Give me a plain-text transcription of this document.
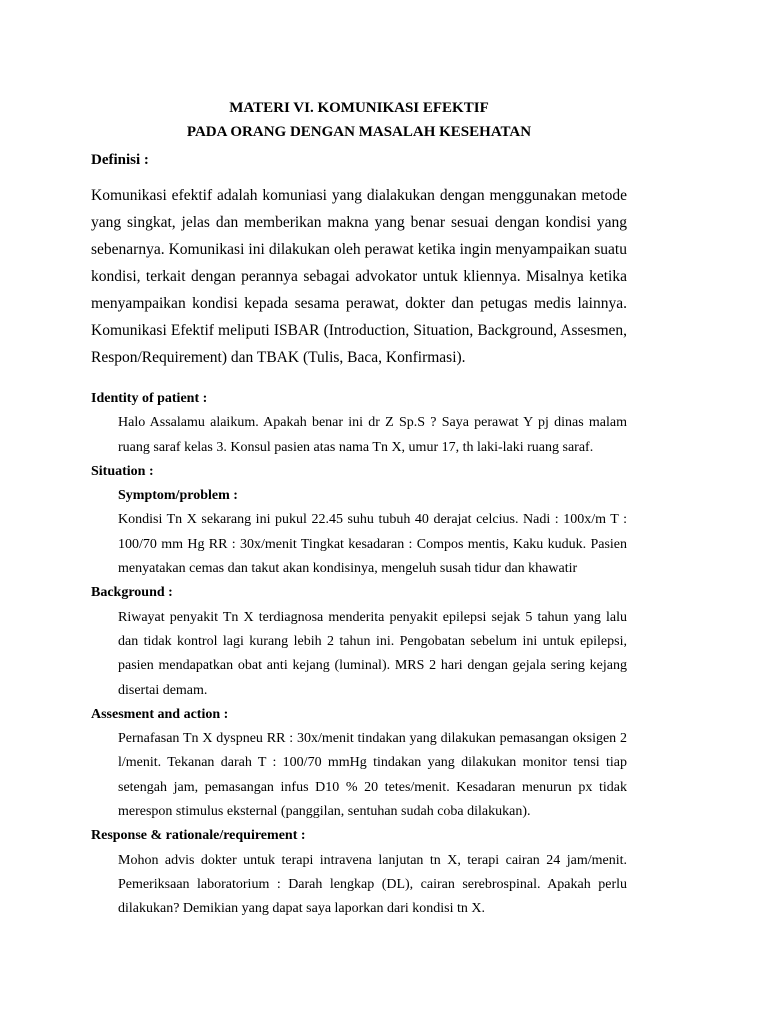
MATERI VI. KOMUNIKASI EFEKTIF
PADA ORANG DENGAN MASALAH KESEHATAN

Definisi :

Komunikasi efektif adalah komuniasi yang dialakukan dengan menggunakan metode yang singkat, jelas dan memberikan makna yang benar sesuai dengan kondisi yang sebenarnya. Komunikasi ini dilakukan oleh perawat ketika ingin menyampaikan suatu kondisi, terkait dengan perannya sebagai advokator untuk kliennya. Misalnya ketika menyampaikan kondisi kepada sesama perawat, dokter dan petugas medis lainnya. Komunikasi Efektif meliputi ISBAR (Introduction, Situation, Background, Assesmen, Respon/Requirement) dan TBAK (Tulis, Baca, Konfirmasi).

Identity of patient :

Halo Assalamu alaikum. Apakah benar ini dr Z Sp.S ? Saya perawat Y pj dinas malam ruang saraf kelas 3. Konsul pasien atas nama Tn X, umur 17, th laki-laki ruang saraf.

Situation :

Symptom/problem :

Kondisi Tn X sekarang ini pukul 22.45 suhu tubuh 40 derajat celcius. Nadi : 100x/m T : 100/70 mm Hg RR : 30x/menit Tingkat kesadaran : Compos mentis, Kaku kuduk. Pasien menyatakan cemas dan takut akan kondisinya, mengeluh susah tidur dan khawatir

Background :

Riwayat penyakit Tn X terdiagnosa menderita penyakit epilepsi sejak 5 tahun yang lalu dan tidak kontrol lagi kurang lebih 2 tahun ini. Pengobatan sebelum ini untuk epilepsi, pasien mendapatkan obat anti kejang (luminal). MRS 2 hari dengan gejala sering kejang disertai demam.

Assesment and action :

Pernafasan Tn X dyspneu RR : 30x/menit tindakan yang dilakukan pemasangan oksigen 2 l/menit. Tekanan darah T : 100/70 mmHg tindakan yang dilakukan monitor tensi tiap setengah jam, pemasangan infus D10 % 20 tetes/menit. Kesadaran menurun px tidak merespon stimulus eksternal (panggilan, sentuhan sudah coba dilakukan).

Response & rationale/requirement :

Mohon advis dokter untuk terapi intravena lanjutan tn X, terapi cairan 24 jam/menit. Pemeriksaan laboratorium : Darah lengkap (DL), cairan serebrospinal. Apakah perlu dilakukan? Demikian yang dapat saya laporkan dari kondisi tn X.
